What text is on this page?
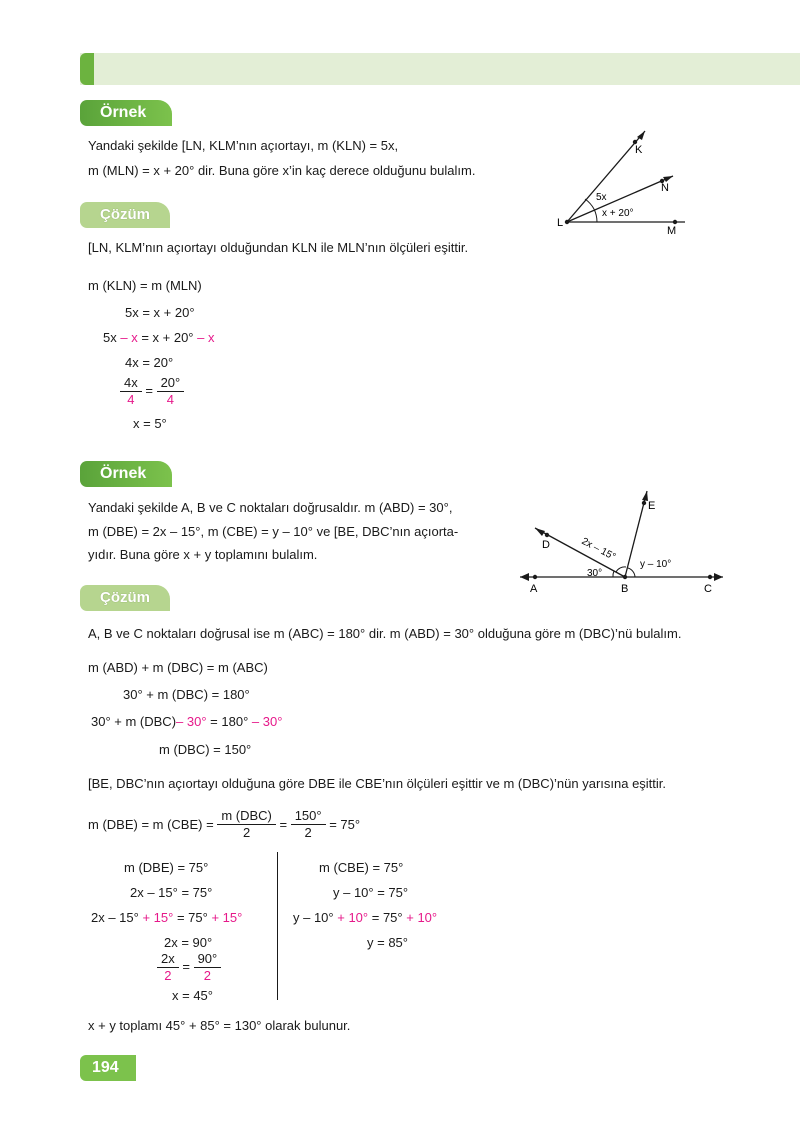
Örnek
Yandaki şekilde [LN, KLM’nın açıortayı, m (KLN) = 5x,
m (MLN) = x + 20° dir. Buna göre x’in kaç derece olduğunu bulalım.
K
N
L
M
5x
x + 20°
Çözüm
[LN, KLM’nın açıortayı olduğundan KLN ile MLN’nın ölçüleri eşittir.
m (KLN) = m (MLN)
5x = x + 20°
5x – x = x + 20° – x
4x = 20°
$\frac{4x}{4} = \frac{20^\circ}{4}$
x = 5°
Örnek
Yandaki şekilde A, B ve C noktaları doğrusaldır. m (ABD) = 30°,
m (DBE) = 2x – 15°, m (CBE) = y – 10° ve [BE, DBC’nın açıorta-
yıdır. Buna göre x + y toplamını bulalım.
E
D
A	B	C
2x – 15°
30°
y – 10°
Çözüm
A, B ve C noktaları doğrusal ise m (ABC) = 180° dir. m (ABD) = 30° olduğuna göre m (DBC)’nü bulalım.
m (ABD) + m (DBC) = m (ABC)
30° + m (DBC) = 180°
30° + m (DBC)– 30° = 180° – 30°
m (DBC) = 150°
[BE, DBC’nın açıortayı olduğuna göre DBE ile CBE’nın ölçüleri eşittir ve m (DBC)’nün yarısına eşittir.
m (DBE) = m $(CBE) = \frac{\text{m (DBC)}}{2} = \frac{150^\circ}{2} = 75^\circ$
m (DBE) = 75°
2x – 15° = 75°
2x – 15° + 15° = 75° + 15°
2x = 90°
$\frac{2x}{2} = \frac{90^\circ}{2}$
x = 45°
m (CBE) = 75°
y – 10° = 75°
y – 10° + 10° = 75° + 10°
y = 85°
x + y toplamı 45° + 85° = 130° olarak bulunur.
194
